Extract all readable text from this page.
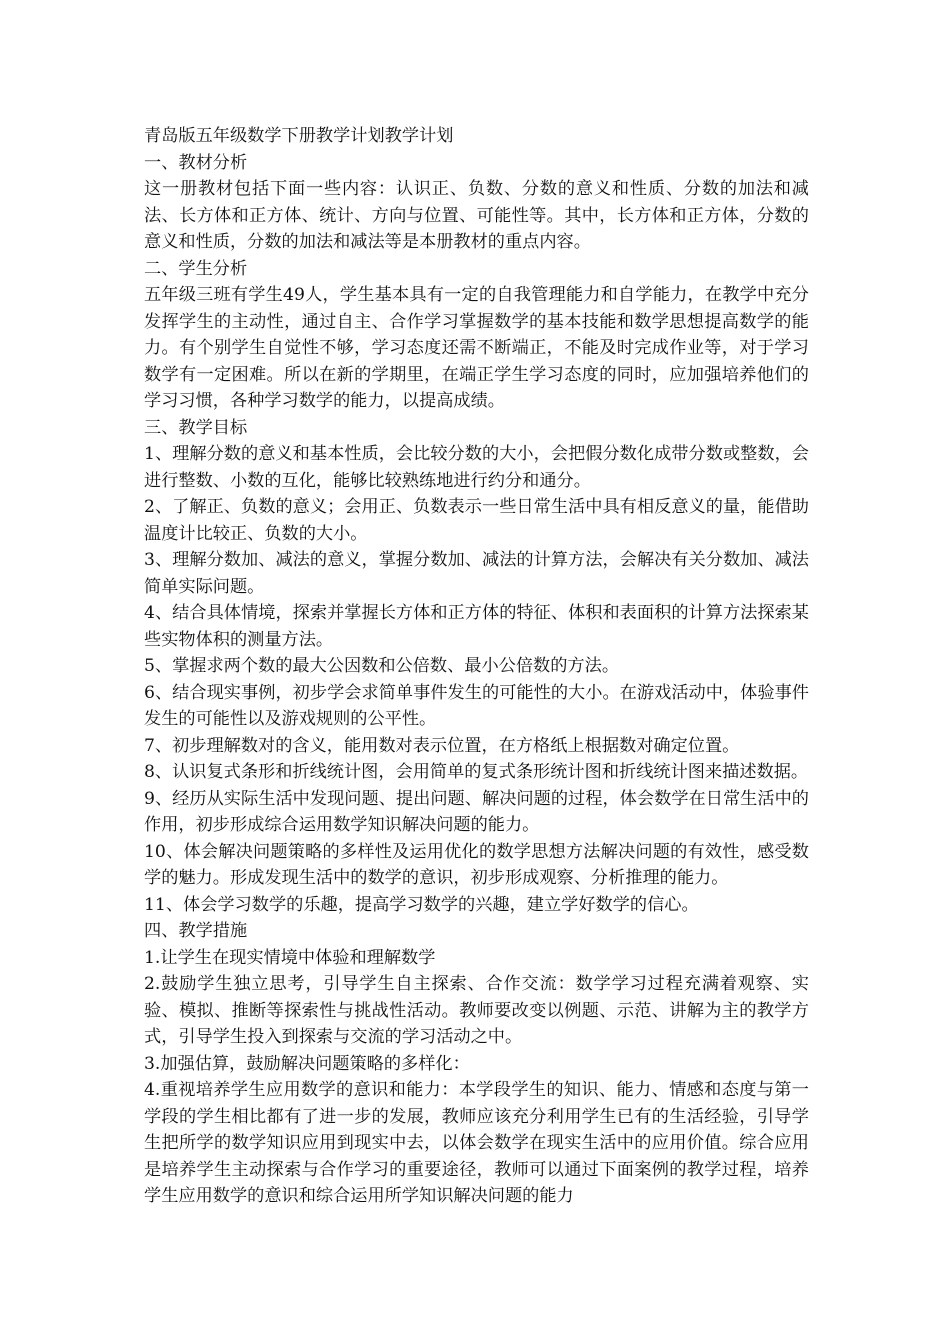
青岛版五年级数学下册教学计划教学计划

一、教材分析

这一册教材包括下面一些内容：认识正、负数、分数的意义和性质、分数的加法和减法、长方体和正方体、统计、方向与位置、可能性等。其中，长方体和正方体，分数的意义和性质，分数的加法和减法等是本册教材的重点内容。

二、学生分析

五年级三班有学生49人，学生基本具有一定的自我管理能力和自学能力，在教学中充分发挥学生的主动性，通过自主、合作学习掌握数学的基本技能和数学思想提高数学的能力。有个别学生自觉性不够，学习态度还需不断端正，不能及时完成作业等，对于学习数学有一定困难。所以在新的学期里，在端正学生学习态度的同时，应加强培养他们的学习习惯，各种学习数学的能力，以提高成绩。

三、教学目标

1、理解分数的意义和基本性质，会比较分数的大小，会把假分数化成带分数或整数，会进行整数、小数的互化，能够比较熟练地进行约分和通分。

2、了解正、负数的意义；会用正、负数表示一些日常生活中具有相反意义的量，能借助温度计比较正、负数的大小。

3、理解分数加、减法的意义，掌握分数加、减法的计算方法，会解决有关分数加、减法简单实际问题。

4、结合具体情境，探索并掌握长方体和正方体的特征、体积和表面积的计算方法探索某些实物体积的测量方法。

5、掌握求两个数的最大公因数和公倍数、最小公倍数的方法。

6、结合现实事例，初步学会求简单事件发生的可能性的大小。在游戏活动中，体验事件发生的可能性以及游戏规则的公平性。

7、初步理解数对的含义，能用数对表示位置，在方格纸上根据数对确定位置。

8、认识复式条形和折线统计图，会用简单的复式条形统计图和折线统计图来描述数据。

9、经历从实际生活中发现问题、提出问题、解决问题的过程，体会数学在日常生活中的作用，初步形成综合运用数学知识解决问题的能力。

10、体会解决问题策略的多样性及运用优化的数学思想方法解决问题的有效性，感受数学的魅力。形成发现生活中的数学的意识，初步形成观察、分析推理的能力。

11、体会学习数学的乐趣，提高学习数学的兴趣，建立学好数学的信心。

四、教学措施

1.让学生在现实情境中体验和理解数学

2.鼓励学生独立思考，引导学生自主探索、合作交流：数学学习过程充满着观察、实验、模拟、推断等探索性与挑战性活动。教师要改变以例题、示范、讲解为主的教学方式，引导学生投入到探索与交流的学习活动之中。

3.加强估算，鼓励解决问题策略的多样化：

4.重视培养学生应用数学的意识和能力：本学段学生的知识、能力、情感和态度与第一学段的学生相比都有了进一步的发展，教师应该充分利用学生已有的生活经验，引导学生把所学的数学知识应用到现实中去，以体会数学在现实生活中的应用价值。综合应用是培养学生主动探索与合作学习的重要途径，教师可以通过下面案例的教学过程，培养学生应用数学的意识和综合运用所学知识解决问题的能力
